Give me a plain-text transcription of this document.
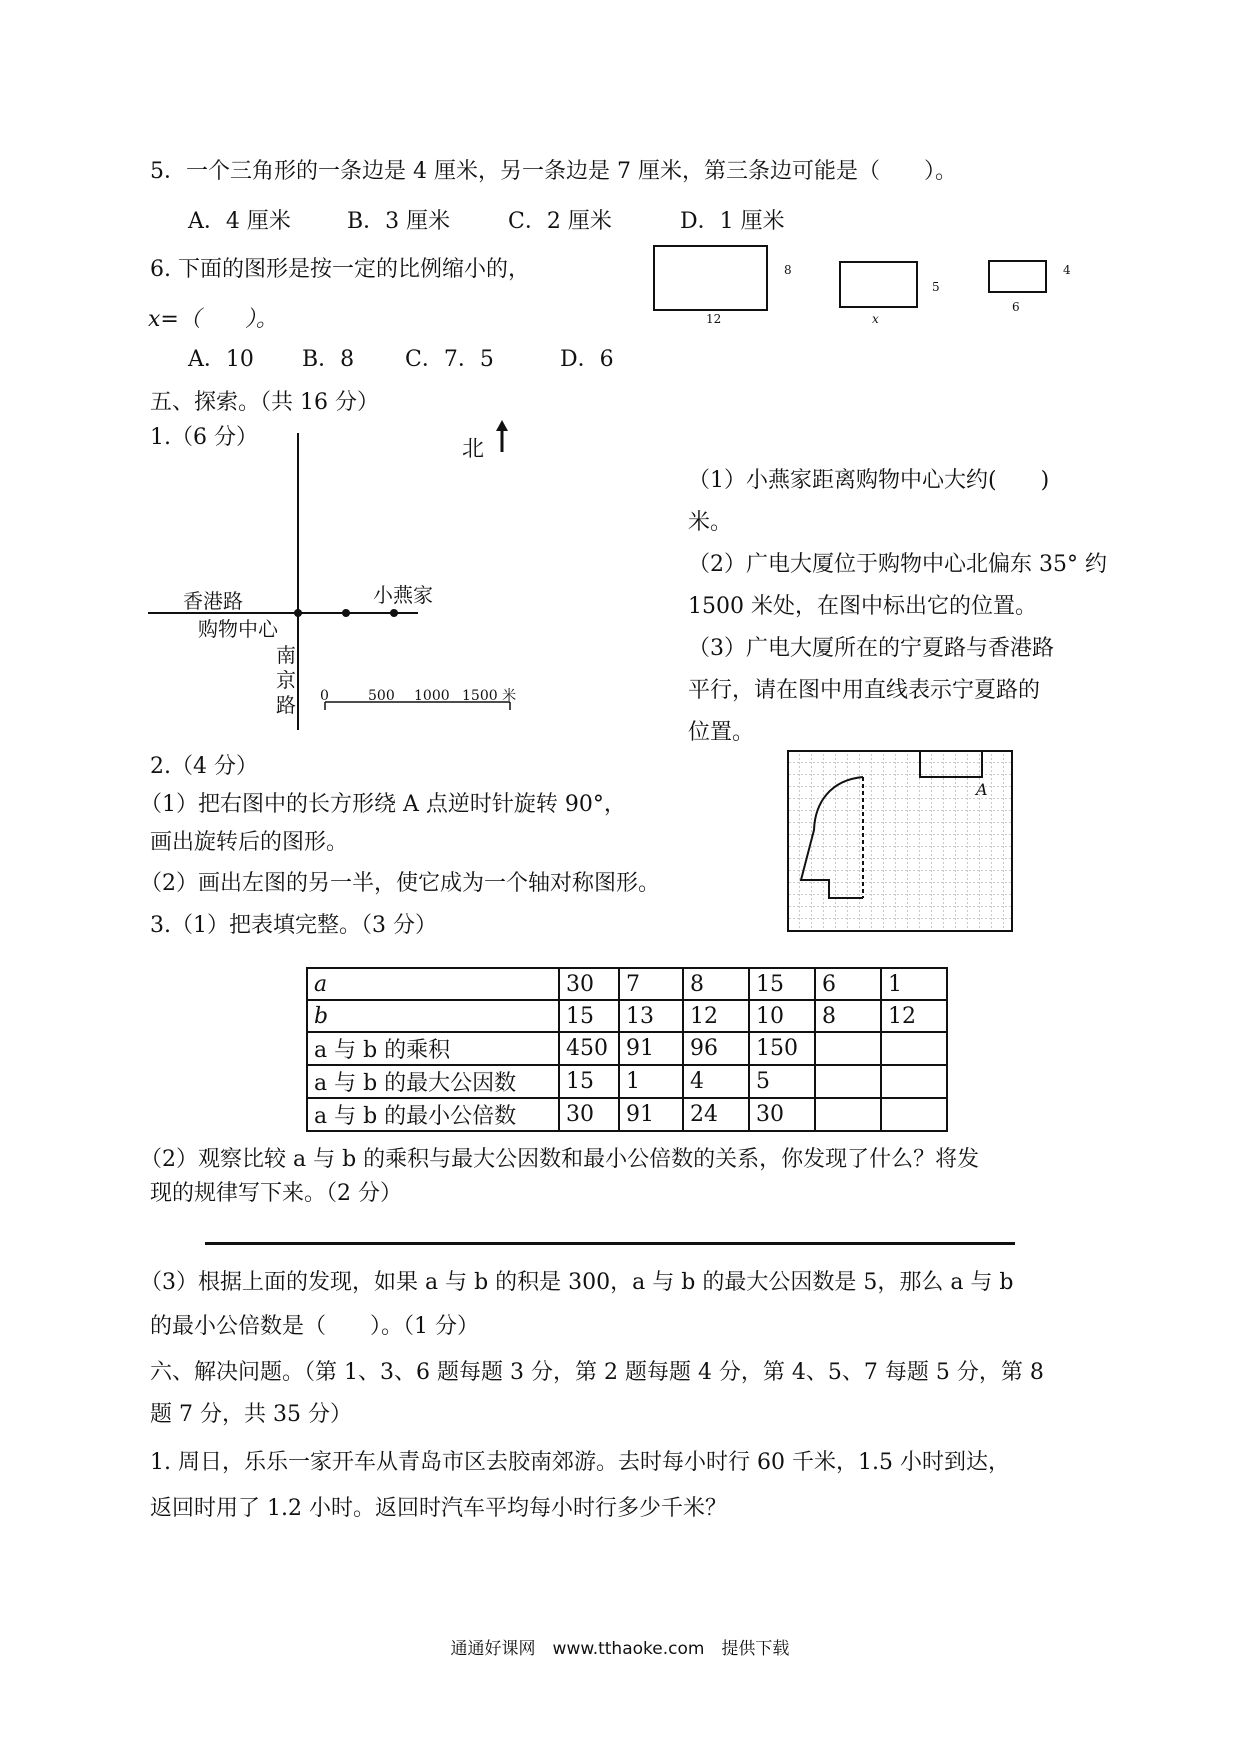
5．一个三角形的一条边是 4 厘米，另一条边是 7 厘米，第三条边可能是（　　）。
A．4 厘米	B．3 厘米	C．2 厘米	D．1 厘米
6. 下面的图形是按一定的比例缩小的，
x=（　　）。
A．10 B．8 C．7．5	D．6
8
12
5
x
4
6
五、探索。（共 16 分）
1.（6 分）	北
香港路
购物中心
小燕家
南
京
路 0	500 1000 1500 米
（1）小燕家距离购物中心大约(　　)
米。
（2）广电大厦位于购物中心北偏东 35° 约
1500 米处，在图中标出它的位置。
（3）广电大厦所在的宁夏路与香港路
平行，请在图中用直线表示宁夏路的
位置。
2.（4 分）
（1）把右图中的长方形绕 A 点逆时针旋转 90°，
画出旋转后的图形。
（2）画出左图的另一半，使它成为一个轴对称图形。
A
3.（1）把表填完整。（3 分）
a	30	7	8	15	6	1
b	15	13	12	10	8	12
a 与 b 的乘积	450	91	96	150		
a 与 b 的最大公因数	15	1	4	5		
a 与 b 的最小公倍数	30	91	24	30		
（2）观察比较 a 与 b 的乘积与最大公因数和最小公倍数的关系，你发现了什么？将发
现的规律写下来。（2 分）
（3）根据上面的发现，如果 a 与 b 的积是 300，a 与 b 的最大公因数是 5，那么 a 与 b
的最小公倍数是（　　）。（1 分）
六、解决问题。（第 1、3、6 题每题 3 分，第 2 题每题 4 分，第 4、5、7 每题 5 分，第 8
题 7 分，共 35 分）
1. 周日，乐乐一家开车从青岛市区去胶南郊游。去时每小时行 60 千米，1.5 小时到达，
返回时用了 1.2 小时。返回时汽车平均每小时行多少千米？
通通好课网　www.tthaoke.com　提供下载
